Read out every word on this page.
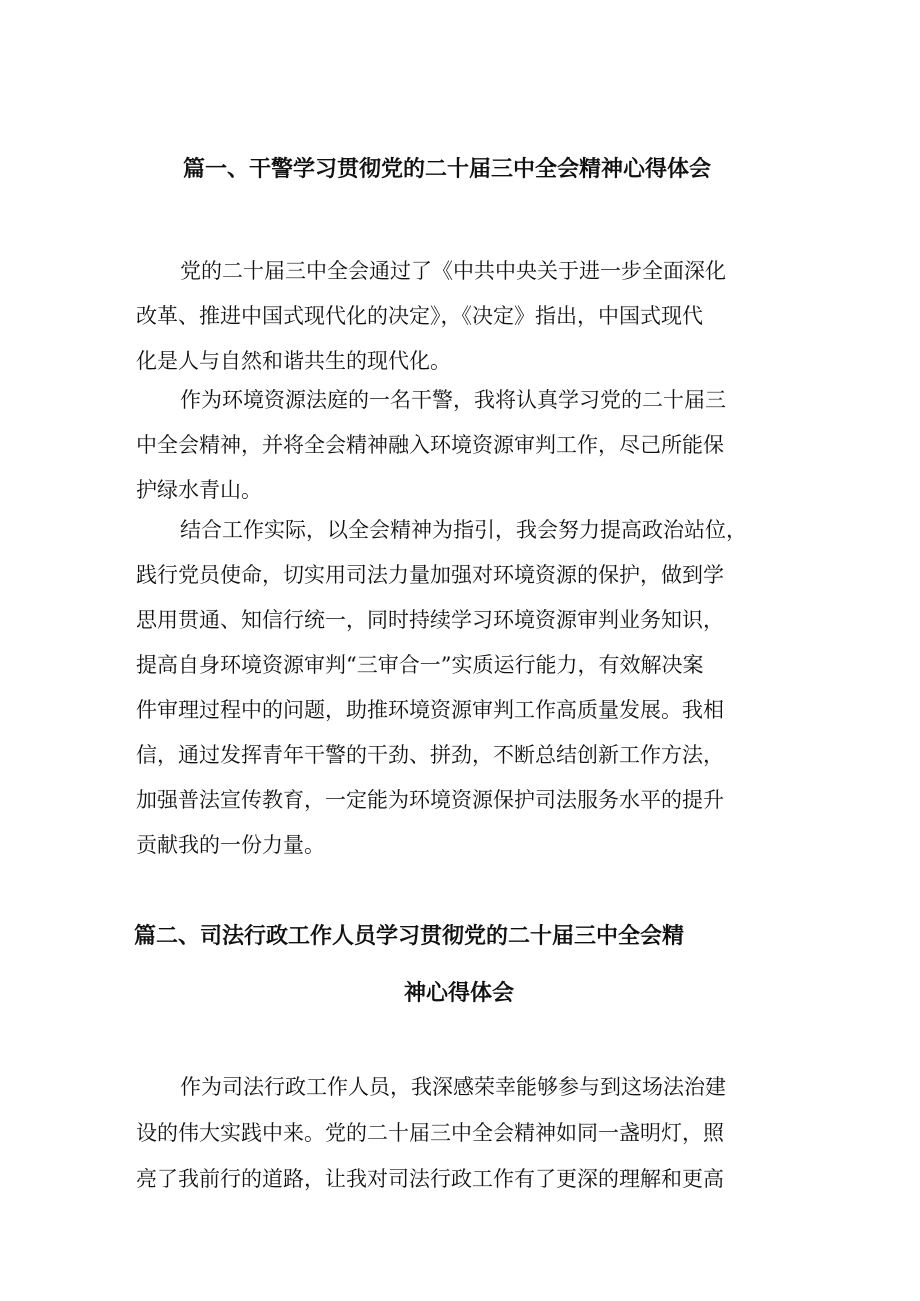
篇一、干警学习贯彻党的二十届三中全会精神心得体会
党的二十届三中全会通过了《中共中央关于进一步全面深化
改革、推进中国式现代化的决定》，《决定》指出，中国式现代
化是人与自然和谐共生的现代化。
作为环境资源法庭的一名干警，我将认真学习党的二十届三
中全会精神，并将全会精神融入环境资源审判工作，尽己所能保
护绿水青山。
结合工作实际，以全会精神为指引，我会努力提高政治站位，
践行党员使命，切实用司法力量加强对环境资源的保护，做到学
思用贯通、知信行统一，同时持续学习环境资源审判业务知识，
提高自身环境资源审判“三审合一”实质运行能力，有效解决案
件审理过程中的问题，助推环境资源审判工作高质量发展。我相
信，通过发挥青年干警的干劲、拼劲，不断总结创新工作方法，
加强普法宣传教育，一定能为环境资源保护司法服务水平的提升
贡献我的一份力量。
篇二、司法行政工作人员学习贯彻党的二十届三中全会精
神心得体会
作为司法行政工作人员，我深感荣幸能够参与到这场法治建
设的伟大实践中来。党的二十届三中全会精神如同一盏明灯，照
亮了我前行的道路，让我对司法行政工作有了更深的理解和更高
